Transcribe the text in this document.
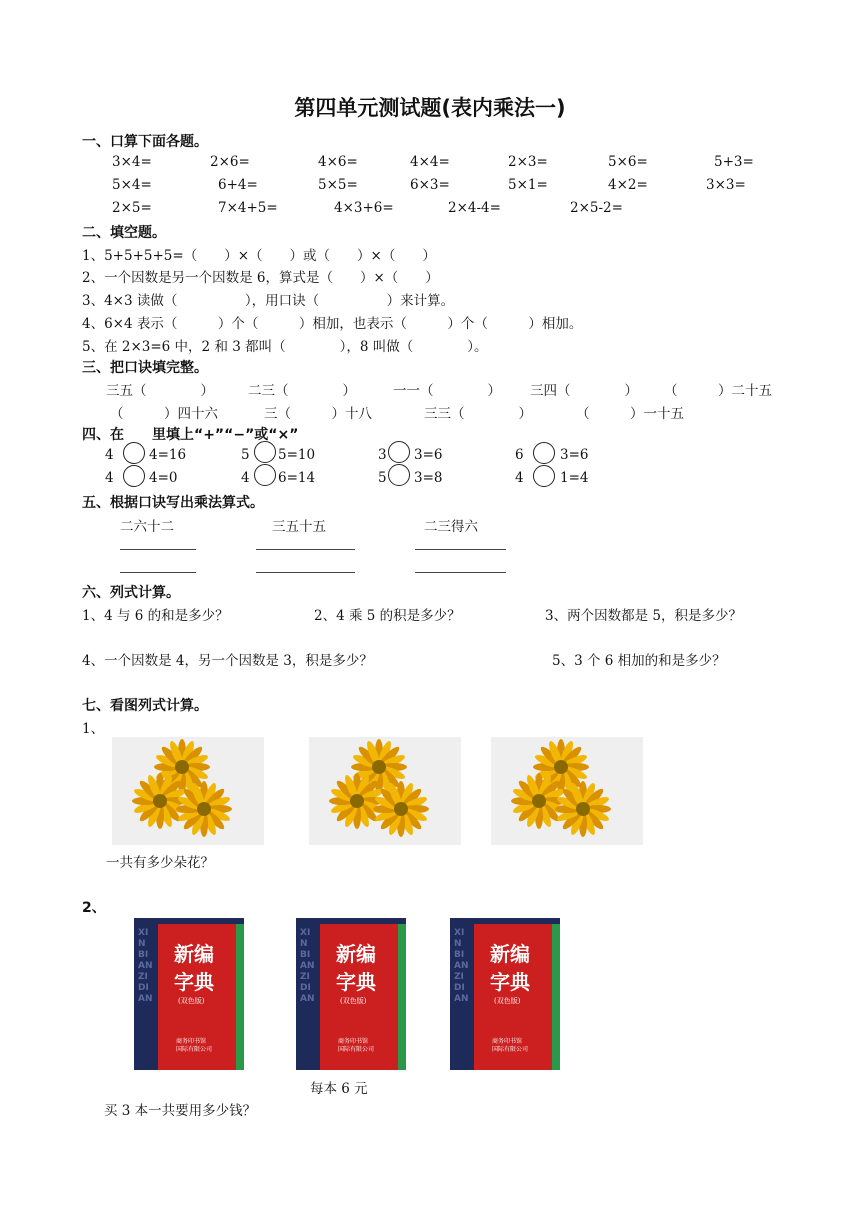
第四单元测试题(表内乘法一)
一、口算下面各题。
3×4=	2×6=	4×6=	4×4=	2×3=	5×6=	5+3=
5×4=	6+4=	5×5=	6×3=	5×1=	4×2=	3×3=
2×5=	7×4+5=	4×3+6=	2×4-4=	2×5-2=
二、填空题。
1、5+5+5+5=（　　）×（　　）或（　　）×（　　）
2、一个因数是另一个因数是 6，算式是（　　）×（　　）
3、4×3 读做（　　　　　），用口诀（　　　　　）来计算。
4、6×4 表示（　　　）个（　　　）相加，也表示（　　　）个（　　　）相加。
5、在 2×3=6 中，2 和 3 都叫（　　　　），8 叫做（　　　　）。
三、把口诀填完整。
三五（　　　　）	二三（　　　　）	一一（　　　　） 三四（　　　　） （　　　）二十五
（　　　）四十六	三（　　　）十八	三三（　　　　）	（　　　）一十五
四、在　　里填上“+”“−”或“×”
4	4=16	5 5=10	3 3=6	6	3=6
4	4=0	4 6=14	5 3=8	4	1=4
五、根据口诀写出乘法算式。
二六十二	三五十五	二三得六
六、列式计算。
1、4 与 6 的和是多少？	2、4 乘 5 的积是多少？	3、两个因数都是 5，积是多少？
4、一个因数是 4，另一个因数是 3，积是多少？	5、3 个 6 相加的和是多少？
七、看图列式计算。
1、
一共有多少朵花？
2、
XIN BIAN ZIDIAN
新编
字典
(双色版)
商务印书馆
国际有限公司
XIN BIAN ZIDIAN
新编
字典
(双色版)
商务印书馆
国际有限公司
XIN BIAN ZIDIAN
新编
字典
(双色版)
商务印书馆
国际有限公司
每本 6 元
买 3 本一共要用多少钱？
